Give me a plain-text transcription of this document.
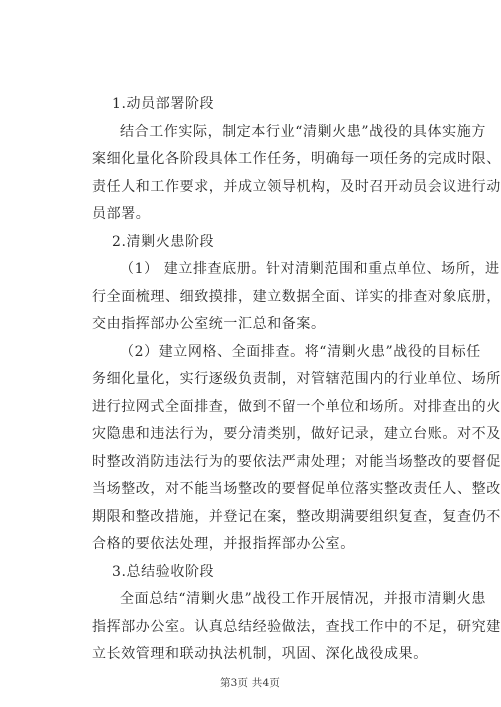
1.动员部署阶段

结合工作实际，制定本行业“清剿火患”战役的具体实施方
案细化量化各阶段具体工作任务，明确每一项任务的完成时限、
责任人和工作要求，并成立领导机构，及时召开动员会议进行动
员部署。

2.清剿火患阶段

（1） 建立排查底册。针对清剿范围和重点单位、场所，进
行全面梳理、细致摸排，建立数据全面、详实的排查对象底册，
交由指挥部办公室统一汇总和备案。
（2）建立网格、全面排查。将“清剿火患”战役的目标任
务细化量化，实行逐级负责制，对管辖范围内的行业单位、场所
进行拉网式全面排查，做到不留一个单位和场所。对排查出的火
灾隐患和违法行为，要分清类别，做好记录，建立台账。对不及
时整改消防违法行为的要依法严肃处理；对能当场整改的要督促
当场整改，对不能当场整改的要督促单位落实整改责任人、整改
期限和整改措施，并登记在案，整改期满要组织复查，复查仍不
合格的要依法处理，并报指挥部办公室。

3.总结验收阶段

全面总结“清剿火患”战役工作开展情况，并报市清剿火患
指挥部办公室。认真总结经验做法，查找工作中的不足，研究建
立长效管理和联动执法机制，巩固、深化战役成果。
第3页 共4页
